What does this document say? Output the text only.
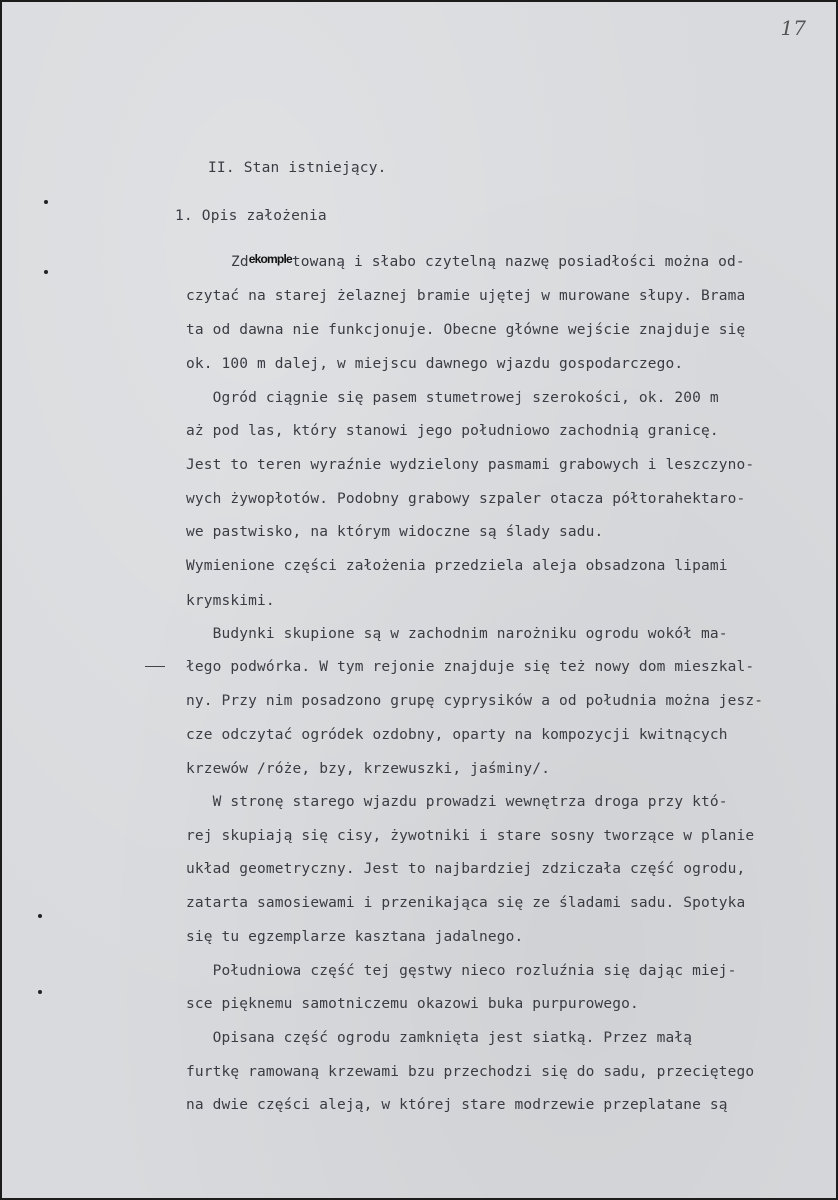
17
II. Stan istniejący.
1. Opis założenia
$Zd^{ekomple}towaną$ i słabo czytelną nazwę posiadłości można od-
czytać na starej żelaznej bramie ujętej w murowane słupy. Brama
ta od dawna nie funkcjonuje. Obecne główne wejście znajduje się
ok. 100 m dalej, w miejscu dawnego wjazdu gospodarczego.
Ogród ciągnie się pasem stumetrowej szerokości, ok. 200 m
aż pod las, który stanowi jego południowo zachodnią granicę.
Jest to teren wyraźnie wydzielony pasmami grabowych i leszczyno-
wych żywopłotów. Podobny grabowy szpaler otacza półtorahektaro-
we pastwisko, na którym widoczne są ślady sadu.
Wymienione części założenia przedziela aleja obsadzona lipami
krymskimi.
Budynki skupione są w zachodnim narożniku ogrodu wokół ma-
łego podwórka. W tym rejonie znajduje się też nowy dom mieszkal-
ny. Przy nim posadzono grupę cyprysików a od południa można jesz-
cze odczytać ogródek ozdobny, oparty na kompozycji kwitnących
krzewów /róże, bzy, krzewuszki, jaśminy/.
W stronę starego wjazdu prowadzi wewnętrza droga przy któ-
rej skupiają się cisy, żywotniki i stare sosny tworzące w planie
układ geometryczny. Jest to najbardziej zdziczała część ogrodu,
zatarta samosiewami i przenikająca się ze śladami sadu. Spotyka
się tu egzemplarze kasztana jadalnego.
Południowa część tej gęstwy nieco rozluźnia się dając miej-
sce pięknemu samotniczemu okazowi buka purpurowego.
Opisana część ogrodu zamknięta jest siatką. Przez małą
furtkę ramowaną krzewami bzu przechodzi się do sadu, przeciętego
na dwie części aleją, w której stare modrzewie przeplatane są
